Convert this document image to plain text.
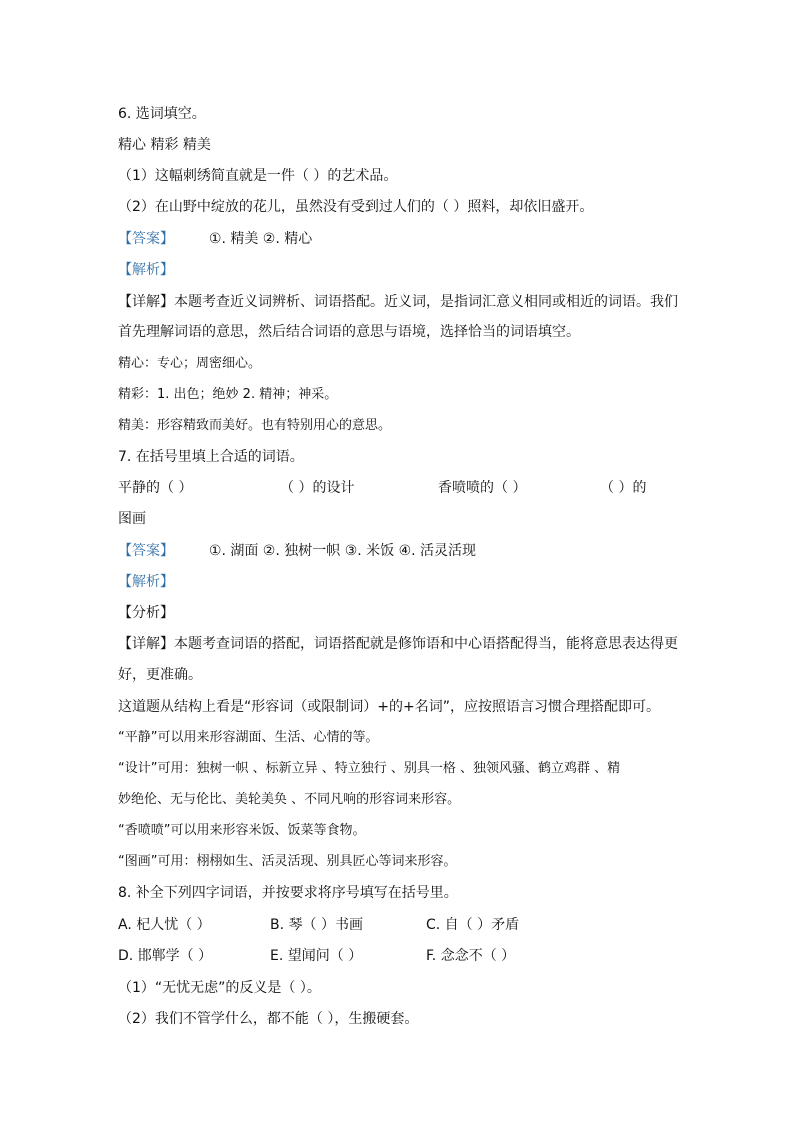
6. 选词填空。
精心 精彩 精美
（1）这幅刺绣简直就是一件（ ）的艺术品。
（2）在山野中绽放的花儿，虽然没有受到过人们的（ ）照料，却依旧盛开。
【答案】 ①. 精美 ②. 精心
【解析】
【详解】本题考查近义词辨析、词语搭配。近义词，是指词汇意义相同或相近的词语。我们
首先理解词语的意思，然后结合词语的意思与语境，选择恰当的词语填空。
精心：专心；周密细心。
精彩：1. 出色；绝妙 2. 精神；神采。
精美：形容精致而美好。也有特别用心的意思。
7. 在括号里填上合适的词语。
平静的（ ）	（ ）的设计	香喷喷的（ ）	（ ）的
图画
【答案】 ①. 湖面 ②. 独树一帜 ③. 米饭 ④. 活灵活现
【解析】
【分析】
【详解】本题考查词语的搭配，词语搭配就是修饰语和中心语搭配得当，能将意思表达得更
好，更准确。
这道题从结构上看是“形容词（或限制词）+的+名词”，应按照语言习惯合理搭配即可。
“平静”可以用来形容湖面、生活、心情的等。
“设计”可用：独树一帜 、标新立异 、特立独行 、别具一格 、独领风骚、鹤立鸡群 、精
妙绝伦、无与伦比、美轮美奂 、不同凡响的形容词来形容。
“香喷喷”可以用来形容米饭、饭菜等食物。
“图画”可用：栩栩如生、活灵活现、别具匠心等词来形容。
8. 补全下列四字词语，并按要求将序号填写在括号里。
A. 杞人忧（ ）	B. 琴（ ）书画	C. 自（ ）矛盾
D. 邯郸学（ ）	E. 望闻问（ ）	F. 念念不（ ）
（1）“无忧无虑”的反义是（ ）。
（2）我们不管学什么，都不能（ ），生搬硬套。
